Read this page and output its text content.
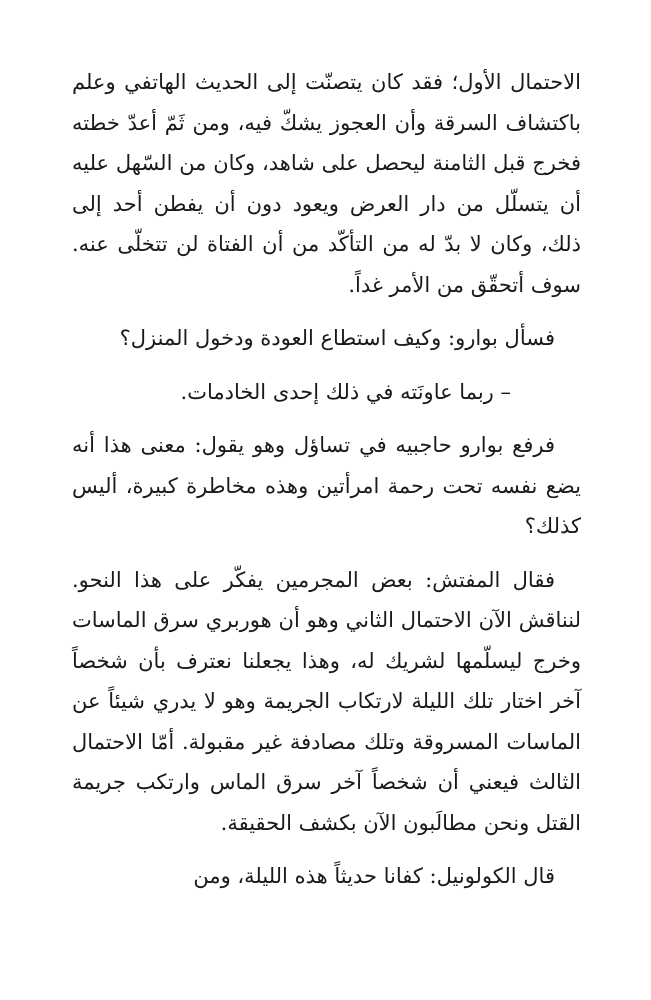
الاحتمال الأول؛ فقد كان يتصنّت إلى الحديث الهاتفي وعلم باكتشاف السرقة وأن العجوز يشكّ فيه، ومن ثَمّ أعدّ خطته فخرج قبل الثامنة ليحصل على شاهد، وكان من السّهل عليه أن يتسلّل من دار العرض ويعود دون أن يفطن أحد إلى ذلك، وكان لا بدّ له من التأكّد من أن الفتاة لن تتخلّى عنه. سوف أتحقّق من الأمر غداً.

فسأل بوارو: وكيف استطاع العودة ودخول المنزل؟

– ربما عاونَته في ذلك إحدى الخادمات.

فرفع بوارو حاجبيه في تساؤل وهو يقول: معنى هذا أنه يضع نفسه تحت رحمة امرأتين وهذه مخاطرة كبيرة، أليس كذلك؟

فقال المفتش: بعض المجرمين يفكّر على هذا النحو. لنناقش الآن الاحتمال الثاني وهو أن هوربري سرق الماسات وخرج ليسلّمها لشريك له، وهذا يجعلنا نعترف بأن شخصاً آخر اختار تلك الليلة لارتكاب الجريمة وهو لا يدري شيئاً عن الماسات المسروقة وتلك مصادفة غير مقبولة. أمّا الاحتمال الثالث فيعني أن شخصاً آخر سرق الماس وارتكب جريمة القتل ونحن مطالَبون الآن بكشف الحقيقة.

قال الكولونيل: كفانا حديثاً هذه الليلة، ومن
